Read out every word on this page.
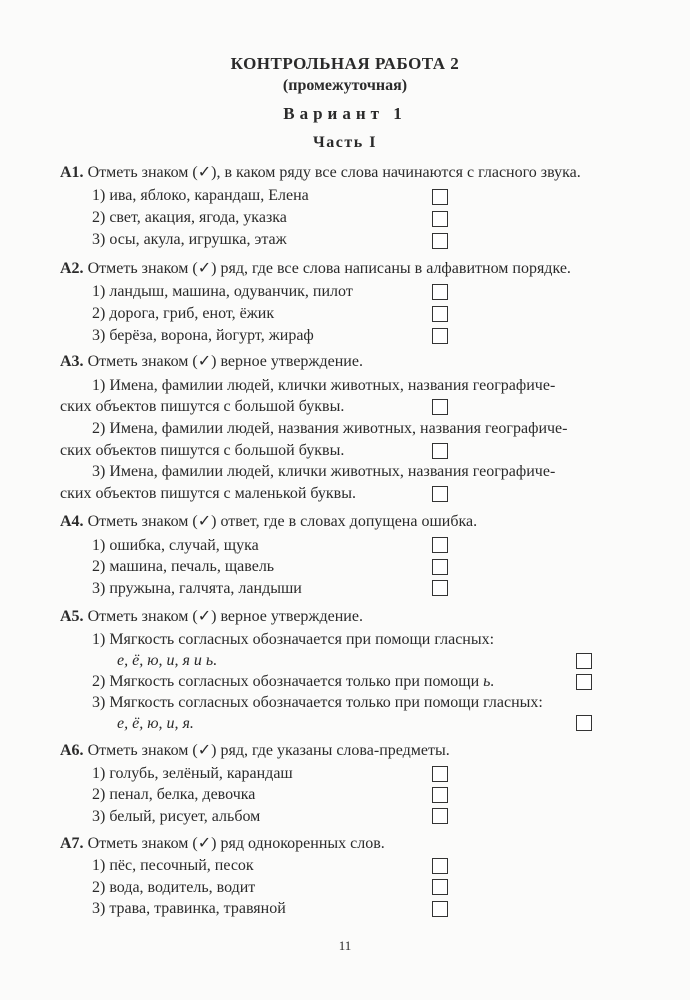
КОНТРОЛЬНАЯ РАБОТА 2
(промежуточная)
Вариант 1
Часть I
А1. Отметь знаком (✓), в каком ряду все слова начинаются с гласного звука.
1) ива, яблоко, карандаш, Елена
2) свет, акация, ягода, указка
3) осы, акула, игрушка, этаж
А2. Отметь знаком (✓) ряд, где все слова написаны в алфавитном порядке.
1) ландыш, машина, одуванчик, пилот
2) дорога, гриб, енот, ёжик
3) берёза, ворона, йогурт, жираф
А3. Отметь знаком (✓) верное утверждение.
1) Имена, фамилии людей, клички животных, названия географиче-
ских объектов пишутся с большой буквы.
2) Имена, фамилии людей, названия животных, названия географиче-
ских объектов пишутся с большой буквы.
3) Имена, фамилии людей, клички животных, названия географиче-
ских объектов пишутся с маленькой буквы.
А4. Отметь знаком (✓) ответ, где в словах допущена ошибка.
1) ошибка, случай, щука
2) машина, печаль, щавель
3) пружына, галчята, ландыши
А5. Отметь знаком (✓) верное утверждение.
1) Мягкость согласных обозначается при помощи гласных:
е, ё, ю, и, я и ь.
2) Мягкость согласных обозначается только при помощи ь.
3) Мягкость согласных обозначается только при помощи гласных:
е, ё, ю, и, я.
А6. Отметь знаком (✓) ряд, где указаны слова-предметы.
1) голубь, зелёный, карандаш
2) пенал, белка, девочка
3) белый, рисует, альбом
А7. Отметь знаком (✓) ряд однокоренных слов.
1) пёс, песочный, песок
2) вода, водитель, водит
3) трава, травинка, травяной
11
